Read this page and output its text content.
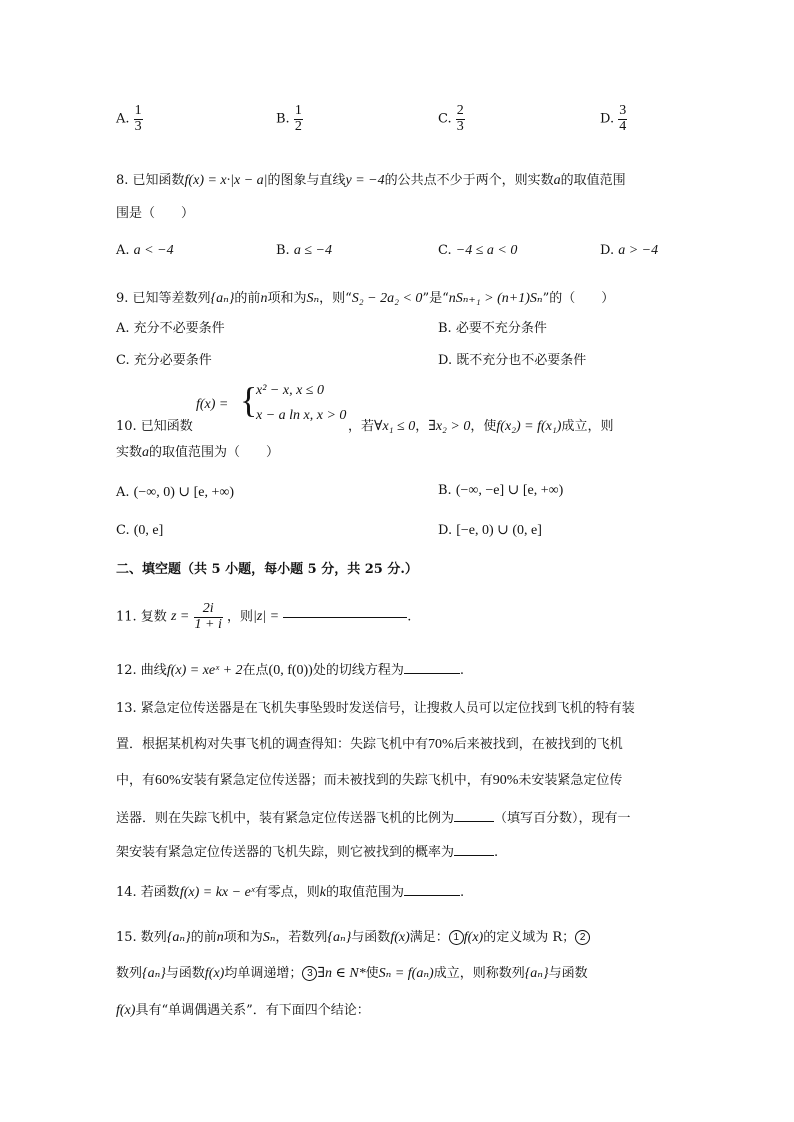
A. $\frac{1}{3}$	B. $\frac{1}{2}$	C. $\frac{2}{3}$	D. $\frac{3}{4}$
8. 已知函数f(x) = x·|x − a|的图象与直线y = −4的公共点不少于两个，则实数a的取值范围
围是（　　）
A. a < −4	B. a ≤ −4	C. −4 ≤ a < 0	D. a > −4
9. 已知等差数列{aₙ}的前n项和为Sₙ，则“S₂ − 2a₂ < 0”是“nSₙ₊₁ > (n+1)Sₙ”的（　　）
A. 充分不必要条件	B. 必要不充分条件
C. 充分必要条件	D. 既不充分也不必要条件
10. 已知函数
f(x) = {
x² − x, x ≤ 0
x − a ln x, x > 0
，若∀x₁ ≤ 0，∃x₂ > 0，使f(x₂) = f(x₁)成立，则
实数a的取值范围为（　　）
A. (−∞, 0) ∪ [e, +∞)	B. (−∞, −e] ∪ [e, +∞)
C. (0, e]	D. [−e, 0) ∪ (0, e]
二、填空题（共 5 小题，每小题 5 分，共 25 分.）
11. 复数 $z = \frac{2i}{1 + i}$ ，则|z| =	.
12. 曲线f(x) = xeˣ + 2在点(0, f(0))处的切线方程为	.
13. 紧急定位传送器是在飞机失事坠毁时发送信号，让搜救人员可以定位找到飞机的特有装
置．根据某机构对失事飞机的调查得知：失踪飞机中有70%后来被找到，在被找到的飞机
中，有60%安装有紧急定位传送器；而未被找到的失踪飞机中，有90%未安装紧急定位传
送器．则在失踪飞机中，装有紧急定位传送器飞机的比例为	（填写百分数），现有一
架安装有紧急定位传送器的飞机失踪，则它被找到的概率为	.
14. 若函数f(x) = kx − eˣ有零点，则k的取值范围为	.
15. 数列{aₙ}的前n项和为Sₙ，若数列{aₙ}与函数f(x)满足： 1 f(x)的定义域为 R； 2
数列{aₙ}与函数f(x)均单调递增； 3 ∃n ∈ N*使Sₙ = f(aₙ)成立，则称数列{aₙ}与函数
f(x)具有“单调偶遇关系”．有下面四个结论：
